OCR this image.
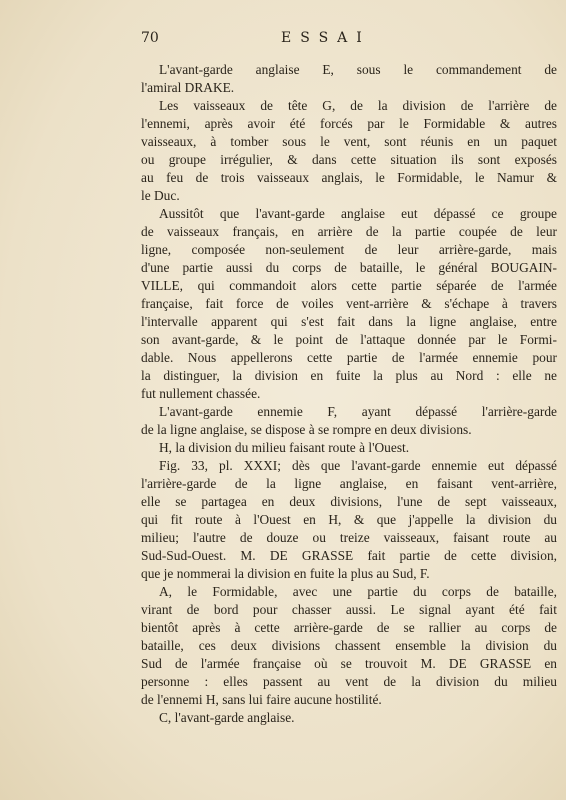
70	ESSAI
L'avant-garde anglaise E, sous le commandement de
l'amiral DRAKE.
Les vaisseaux de tête G, de la division de l'arrière de
l'ennemi, après avoir été forcés par le Formidable & autres
vaisseaux, à tomber sous le vent, sont réunis en un paquet
ou groupe irrégulier, & dans cette situation ils sont exposés
au feu de trois vaisseaux anglais, le Formidable, le Namur &
le Duc.
Aussitôt que l'avant-garde anglaise eut dépassé ce groupe
de vaisseaux français, en arrière de la partie coupée de leur
ligne, composée non-seulement de leur arrière-garde, mais
d'une partie aussi du corps de bataille, le général BOUGAIN-
VILLE, qui commandoit alors cette partie séparée de l'armée
française, fait force de voiles vent-arrière & s'échape à travers
l'intervalle apparent qui s'est fait dans la ligne anglaise, entre
son avant-garde, & le point de l'attaque donnée par le Formi-
dable. Nous appellerons cette partie de l'armée ennemie pour
la distinguer, la division en fuite la plus au Nord : elle ne
fut nullement chassée.
L'avant-garde ennemie F, ayant dépassé l'arrière-garde
de la ligne anglaise, se dispose à se rompre en deux divisions.
H, la division du milieu faisant route à l'Ouest.
Fig. 33, pl. XXXI; dès que l'avant-garde ennemie eut dépassé
l'arrière-garde de la ligne anglaise, en faisant vent-arrière,
elle se partagea en deux divisions, l'une de sept vaisseaux,
qui fit route à l'Ouest en H, & que j'appelle la division du
milieu; l'autre de douze ou treize vaisseaux, faisant route au
Sud-Sud-Ouest. M. DE GRASSE fait partie de cette division,
que je nommerai la division en fuite la plus au Sud, F.
A, le Formidable, avec une partie du corps de bataille,
virant de bord pour chasser aussi. Le signal ayant été fait
bientôt après à cette arrière-garde de se rallier au corps de
bataille, ces deux divisions chassent ensemble la division du
Sud de l'armée française où se trouvoit M. DE GRASSE en
personne : elles passent au vent de la division du milieu
de l'ennemi H, sans lui faire aucune hostilité.
C, l'avant-garde anglaise.
